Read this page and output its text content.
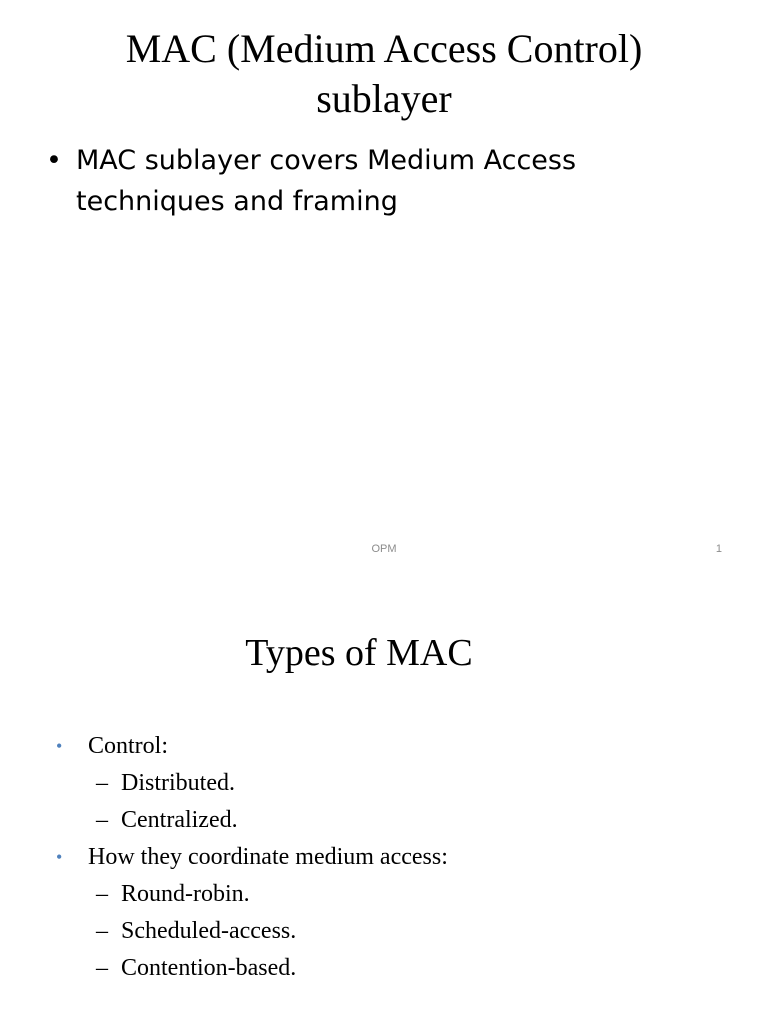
MAC (Medium Access Control)
sublayer
• MAC sublayer covers Medium Access
techniques and framing
OPM	1
Types of MAC
•	Control:
– Distributed.
– Centralized.
•	How they coordinate medium access:
– Round-robin.
– Scheduled-access.
– Contention-based.
